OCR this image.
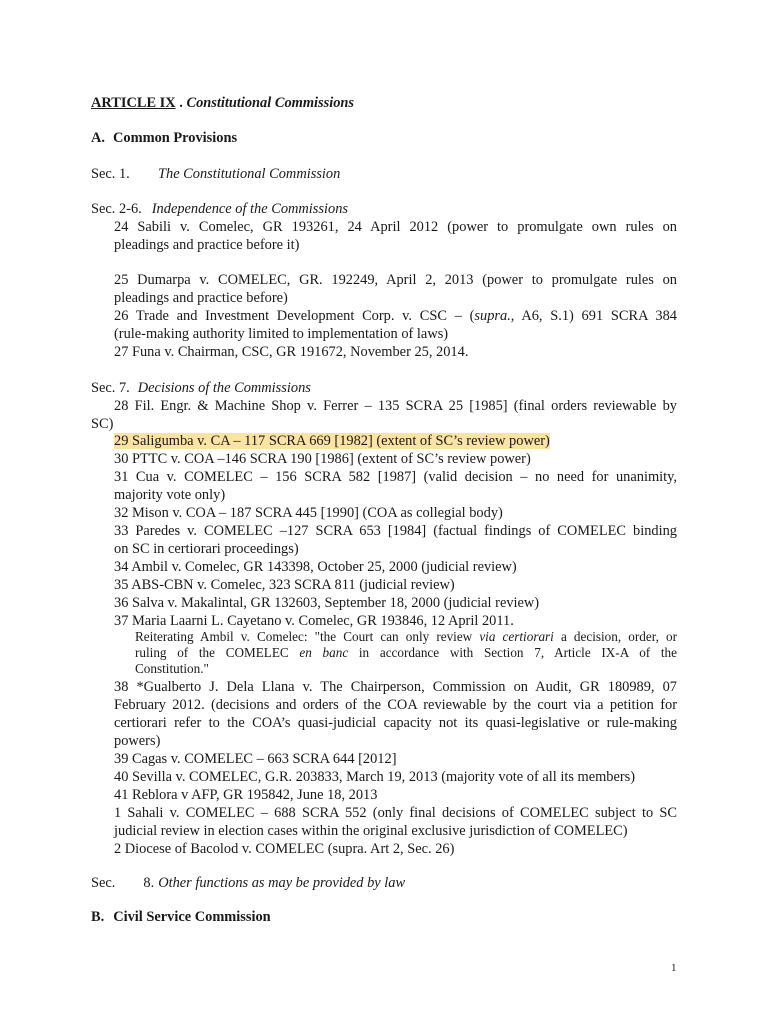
ARTICLE IX . Constitutional Commissions
A. Common Provisions
Sec. 1. The Constitutional Commission
Sec. 2-6. Independence of the Commissions
24 Sabili v. Comelec, GR 193261, 24 April 2012 (power to promulgate own rules on
pleadings and practice before it)
25 Dumarpa v. COMELEC, GR. 192249, April 2, 2013 (power to promulgate rules on
pleadings and practice before)
26 Trade and Investment Development Corp. v. CSC – (supra., A6, S.1) 691 SCRA 384
(rule-making authority limited to implementation of laws)
27 Funa v. Chairman, CSC, GR 191672, November 25, 2014.
Sec. 7. Decisions of the Commissions
28 Fil. Engr. & Machine Shop v. Ferrer – 135 SCRA 25 [1985] (final orders reviewable by
SC)
29 Saligumba v. CA – 117 SCRA 669 [1982] (extent of SC’s review power)
30 PTTC v. COA –146 SCRA 190 [1986] (extent of SC’s review power)
31 Cua v. COMELEC – 156 SCRA 582 [1987] (valid decision – no need for unanimity,
majority vote only)
32 Mison v. COA – 187 SCRA 445 [1990] (COA as collegial body)
33 Paredes v. COMELEC –127 SCRA 653 [1984] (factual findings of COMELEC binding
on SC in certiorari proceedings)
34 Ambil v. Comelec, GR 143398, October 25, 2000 (judicial review)
35 ABS-CBN v. Comelec, 323 SCRA 811 (judicial review)
36 Salva v. Makalintal, GR 132603, September 18, 2000 (judicial review)
37 Maria Laarni L. Cayetano v. Comelec, GR 193846, 12 April 2011.
Reiterating Ambil v. Comelec: "the Court can only review via certiorari a decision, order, or
ruling of the COMELEC en banc in accordance with Section 7, Article IX-A of the
Constitution."
38 *Gualberto J. Dela Llana v. The Chairperson, Commission on Audit, GR 180989, 07
February 2012. (decisions and orders of the COA reviewable by the court via a petition for
certiorari refer to the COA’s quasi-judicial capacity not its quasi-legislative or rule-making
powers)
39 Cagas v. COMELEC – 663 SCRA 644 [2012]
40 Sevilla v. COMELEC, G.R. 203833, March 19, 2013 (majority vote of all its members)
41 Reblora v AFP, GR 195842, June 18, 2013
1 Sahali v. COMELEC – 688 SCRA 552 (only final decisions of COMELEC subject to SC
judicial review in election cases within the original exclusive jurisdiction of COMELEC)
2 Diocese of Bacolod v. COMELEC (supra. Art 2, Sec. 26)
Sec. 8. Other functions as may be provided by law
B. Civil Service Commission
1
